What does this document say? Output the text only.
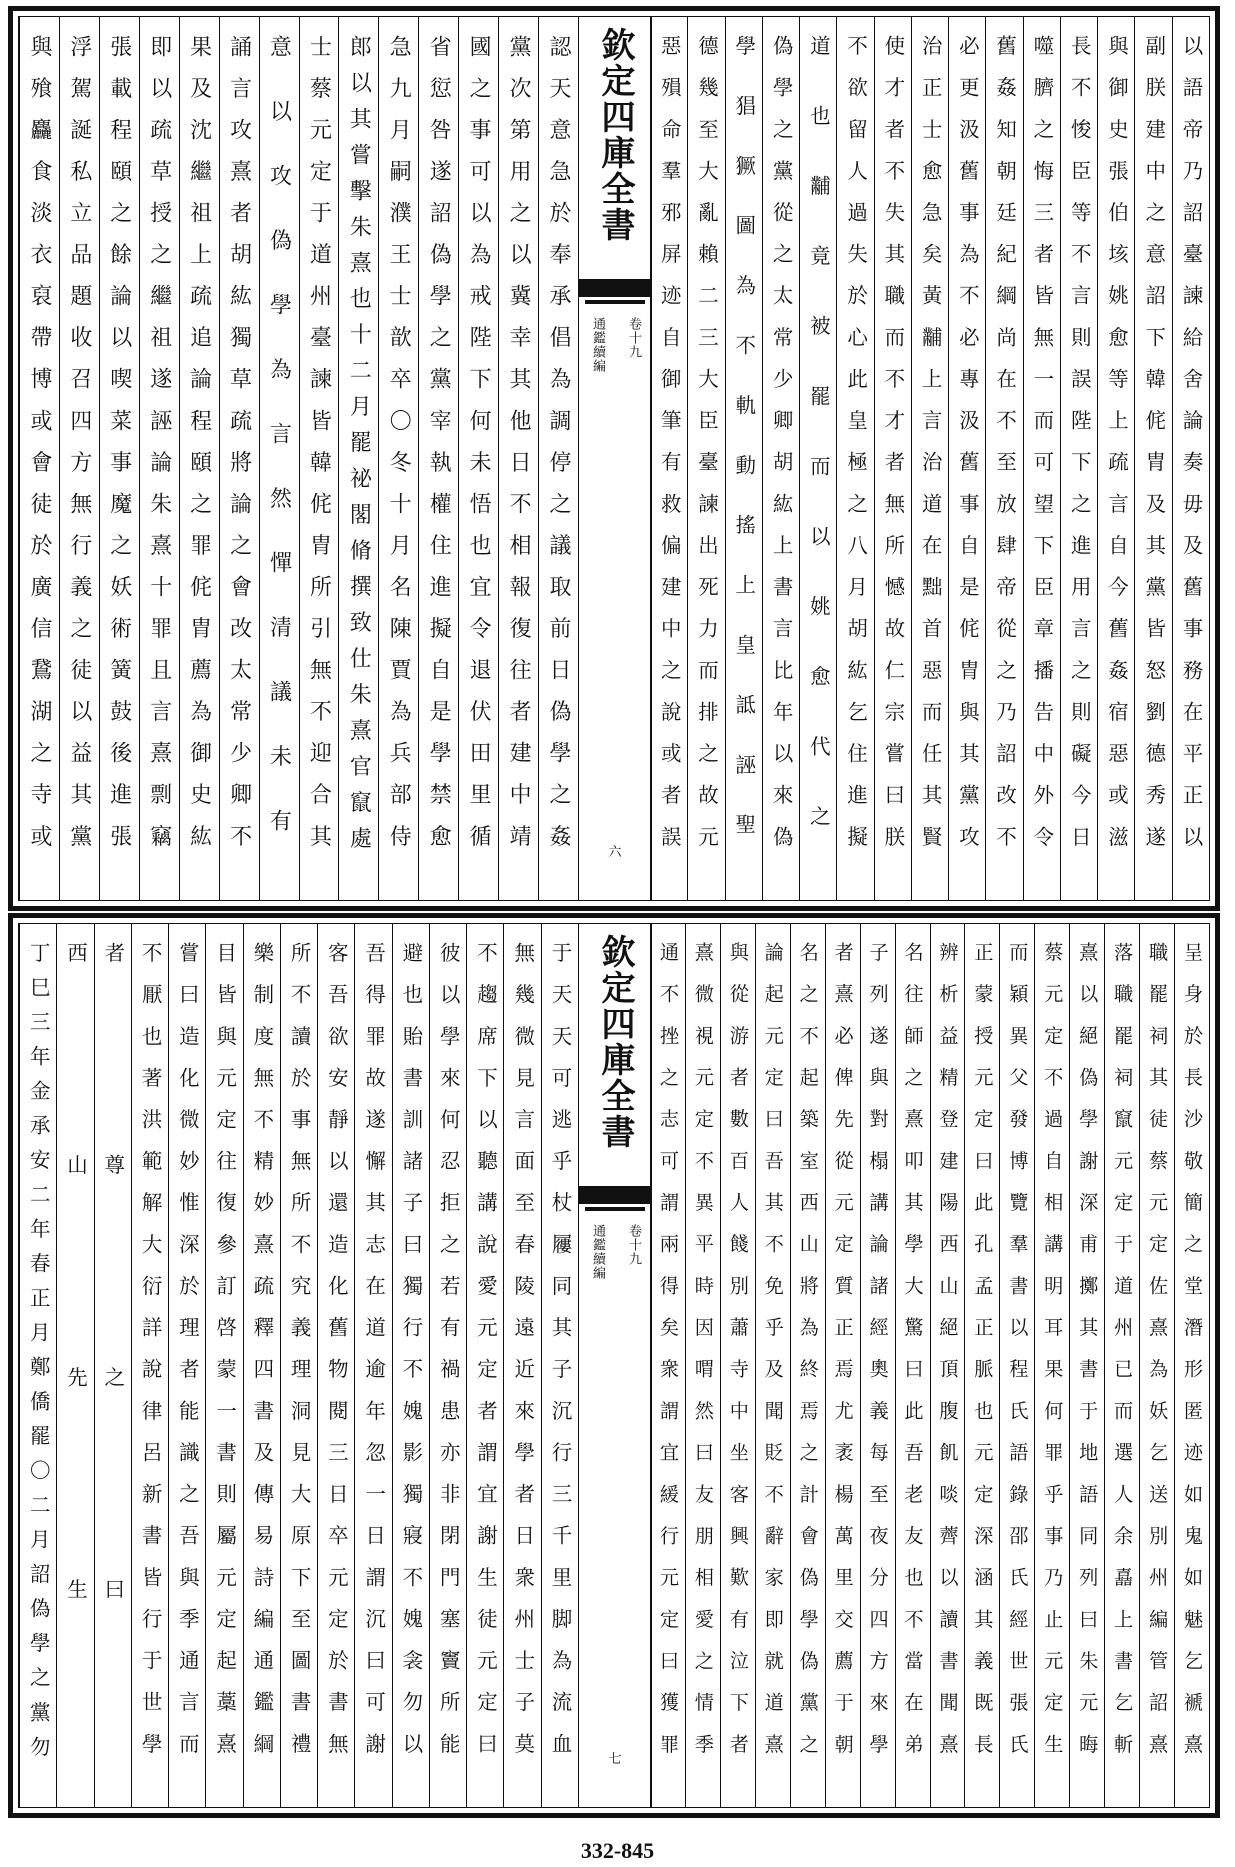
欽定四庫全書
卷十九
通鑑續編
六	以語帝乃詔臺諫給舍論奏毋及舊事務在平正以
副朕建中之意詔下韓侂胄及其黨皆怒劉德秀遂
與御史張伯垓姚愈等上疏言自今舊姦宿惡或滋
長不悛臣等不言則誤陛下之進用言之則礙今日
噬臍之悔三者皆無一而可望下臣章播告中外令
舊姦知朝廷紀綱尚在不至放肆帝從之乃詔改不
必更汲舊事為不必專汲舊事自是侂胄與其黨攻
治正士愈急矣黃黼上言治道在黜首惡而任其賢
使才者不失其職而不才者無所憾故仁宗嘗曰朕
不欲留人過失於心此皇極之八月胡紘乞住進擬
道也黼竟被罷而以姚愈代之
偽學之黨從之太常少卿胡紘上書言比年以來偽
學猖獗圖為不軌動搖上皇詆誣聖
德幾至大亂賴二三大臣臺諫出死力而排之故元
惡殞命羣邪屏迹自御筆有救偏建中之說或者誤
認天意急於奉承倡為調停之議取前日偽學之姦
黨次第用之以冀幸其他日不相報復往者建中靖
國之事可以為戒陛下何未悟也宜令退伏田里循
省愆咎遂詔偽學之黨宰執權住進擬自是學禁愈
急九月嗣濮王士歆卒〇冬十月名陳賈為兵部侍
郎以其嘗擊朱熹也十二月罷祕閣脩撰致仕朱熹官竄處
士蔡元定于道州臺諫皆韓侂胄所引無不迎合其
意以攻偽學為言然憚清議未有
誦言攻熹者胡紘獨草疏將論之會改太常少卿不
果及沈繼祖上疏追論程頤之罪侂胄薦為御史紘
即以疏草授之繼祖遂誣論朱熹十罪且言熹剽竊
張載程頤之餘論以喫菜事魔之妖術簧鼓後進張
浮駕誕私立品題收召四方無行義之徒以益其黨
與飱麤食淡衣裒帶博或會徒於廣信鵞湖之寺或
欽定四庫全書
卷十九
通鑑續編
七	呈身於長沙敬簡之堂潛形匿迹如鬼如魅乞褫熹
職罷祠其徒蔡元定佐熹為妖乞送別州編管詔熹
落職罷祠竄元定于道州已而選人余嚞上書乞斬
熹以絕偽學謝深甫擲其書于地語同列曰朱元晦
蔡元定不過自相講明耳果何罪乎事乃止元定生
而穎異父發博覽羣書以程氏語錄邵氏經世張氏
正蒙授元定曰此孔孟正脈也元定深涵其義既長
辨析益精登建陽西山絕頂腹飢啖薺以讀書聞熹
名往師之熹叩其學大驚曰此吾老友也不當在弟
子列遂與對榻講論諸經奧義每至夜分四方來學
者熹必俾先從元定質正焉尤袤楊萬里交薦于朝
名之不起築室西山將為終焉之計會偽學偽黨之
論起元定曰吾其不免乎及聞貶不辭家即就道熹
與從游者數百人餞別蕭寺中坐客興歎有泣下者
熹微視元定不異平時因喟然曰友朋相愛之情季
通不挫之志可謂兩得矣衆謂宜緩行元定曰獲罪
于天天可逃乎杖屨同其子沉行三千里脚為流血
無幾微見言面至春陵遠近來學者日衆州士子莫
不趨席下以聽講說愛元定者謂宜謝生徒元定曰
彼以學來何忍拒之若有禍患亦非閉門塞竇所能
避也貽書訓諸子曰獨行不媿影獨寢不媿衾勿以
吾得罪故遂懈其志在道逾年忽一日謂沉曰可謝
客吾欲安靜以還造化舊物閱三日卒元定於書無
所不讀於事無所不究義理洞見大原下至圖書禮
樂制度無不精妙熹疏釋四書及傳易詩編通鑑綱
目皆與元定往復參訂啓蒙一書則屬元定起藁熹
嘗曰造化微妙惟深於理者能識之吾與季通言而
不厭也著洪範解大衍詳說律呂新書皆行于世學
者尊之曰
西山先生
丁巳三年金承安二年春正月鄭僑罷〇二月詔偽學之黨勿
332-845
